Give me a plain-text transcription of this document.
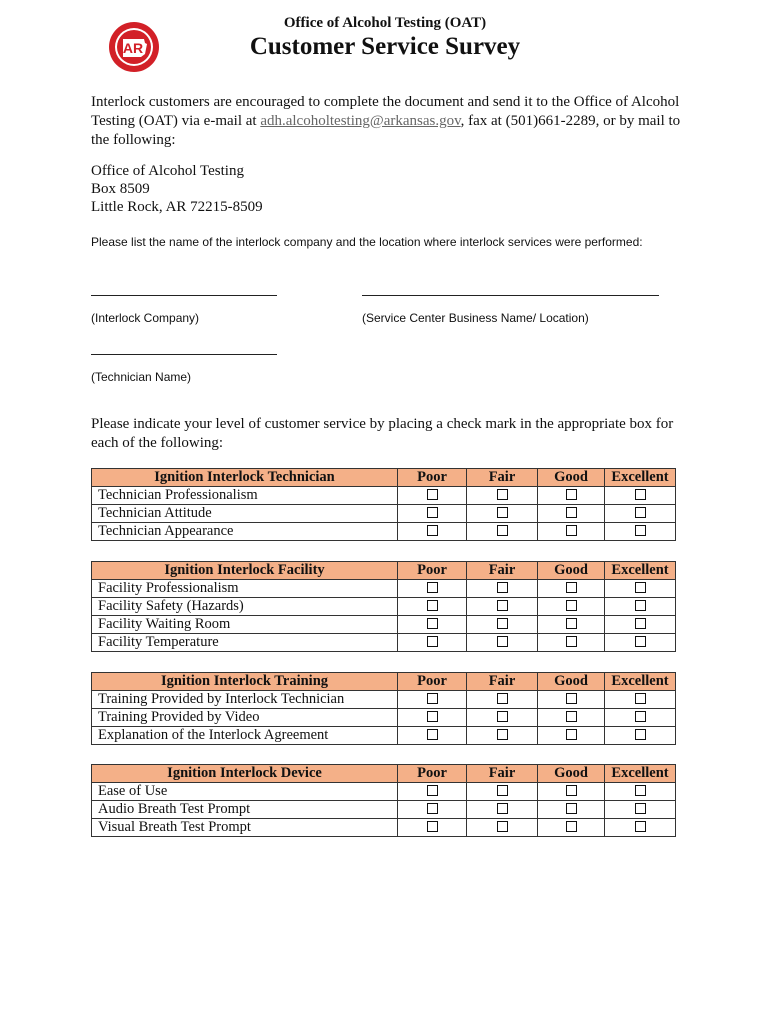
AR
Office of Alcohol Testing (OAT)
Customer Service Survey
Interlock customers are encouraged to complete the document and send it to the Office of Alcohol Testing (OAT) via e-mail at adh.alcoholtesting@arkansas.gov, fax at (501)661-2289, or by mail to the following:
Office of Alcohol Testing
Box 8509
Little Rock, AR 72215-8509
Please list the name of the interlock company and the location where interlock services were performed:
(Interlock Company)	(Service Center Business Name/ Location)
(Technician Name)
Please indicate your level of customer service by placing a check mark in the appropriate box for each of the following:
Ignition Interlock Technician	Poor	Fair	Good	Excellent
Technician Professionalism				
Technician Attitude				
Technician Appearance				
Ignition Interlock Facility	Poor	Fair	Good	Excellent
Facility Professionalism				
Facility Safety (Hazards)				
Facility Waiting Room				
Facility Temperature				
Ignition Interlock Training	Poor	Fair	Good	Excellent
Training Provided by Interlock Technician				
Training Provided by Video				
Explanation of the Interlock Agreement				
Ignition Interlock Device	Poor	Fair	Good	Excellent
Ease of Use				
Audio Breath Test Prompt				
Visual Breath Test Prompt				
